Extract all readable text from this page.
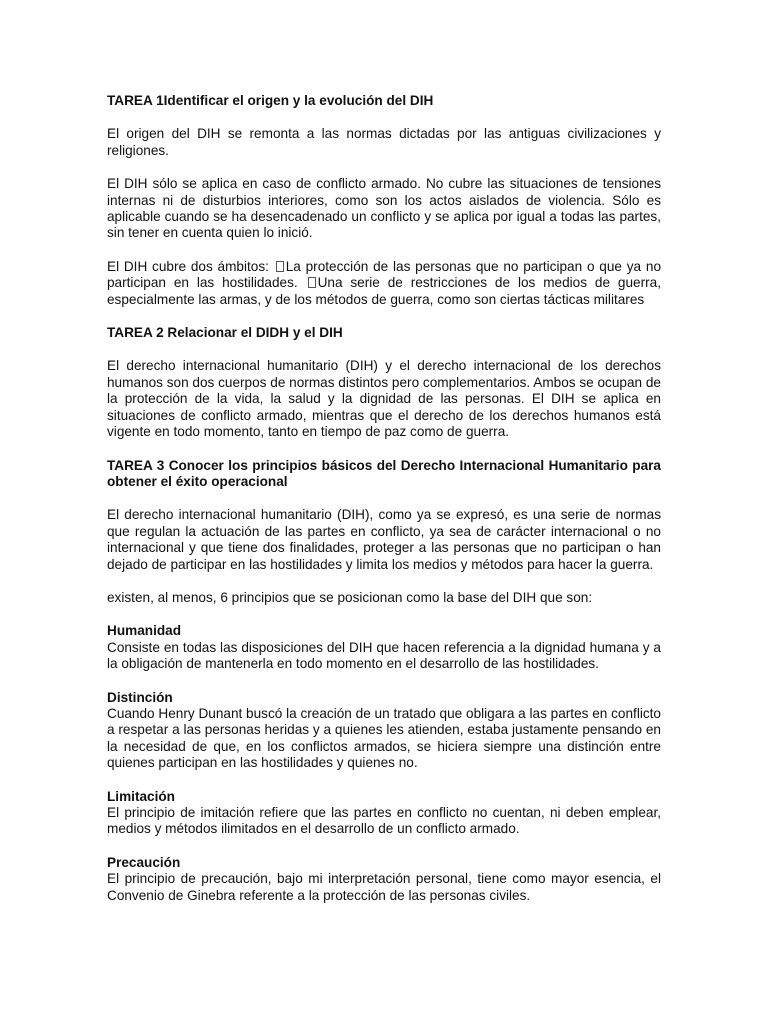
TAREA 1Identificar el origen y la evolución del DIH

El origen del DIH se remonta a las normas dictadas por las antiguas civilizaciones y religiones.

El DIH sólo se aplica en caso de conflicto armado. No cubre las situaciones de tensiones internas ni de disturbios interiores, como son los actos aislados de violencia. Sólo es aplicable cuando se ha desencadenado un conflicto y se aplica por igual a todas las partes, sin tener en cuenta quien lo inició.

El DIH cubre dos ámbitos: La protección de las personas que no participan o que ya no participan en las hostilidades. Una serie de restricciones de los medios de guerra, especialmente las armas, y de los métodos de guerra, como son ciertas tácticas militares

TAREA 2 Relacionar el DIDH y el DIH

El derecho internacional humanitario (DIH) y el derecho internacional de los derechos humanos son dos cuerpos de normas distintos pero complementarios. Ambos se ocupan de la protección de la vida, la salud y la dignidad de las personas. El DIH se aplica en situaciones de conflicto armado, mientras que el derecho de los derechos humanos está vigente en todo momento, tanto en tiempo de paz como de guerra.

TAREA 3 Conocer los principios básicos del Derecho Internacional Humanitario para obtener el éxito operacional

El derecho internacional humanitario (DIH), como ya se expresó, es una serie de normas que regulan la actuación de las partes en conflicto, ya sea de carácter internacional o no internacional y que tiene dos finalidades, proteger a las personas que no participan o han dejado de participar en las hostilidades y limita los medios y métodos para hacer la guerra.

existen, al menos, 6 principios que se posicionan como la base del DIH que son:

Humanidad

Consiste en todas las disposiciones del DIH que hacen referencia a la dignidad humana y a la obligación de mantenerla en todo momento en el desarrollo de las hostilidades.

Distinción

Cuando Henry Dunant buscó la creación de un tratado que obligara a las partes en conflicto a respetar a las personas heridas y a quienes les atienden, estaba justamente pensando en la necesidad de que, en los conflictos armados, se hiciera siempre una distinción entre quienes participan en las hostilidades y quienes no.

Limitación

El principio de imitación refiere que las partes en conflicto no cuentan, ni deben emplear, medios y métodos ilimitados en el desarrollo de un conflicto armado.

Precaución

El principio de precaución, bajo mi interpretación personal, tiene como mayor esencia, el Convenio de Ginebra referente a la protección de las personas civiles.
